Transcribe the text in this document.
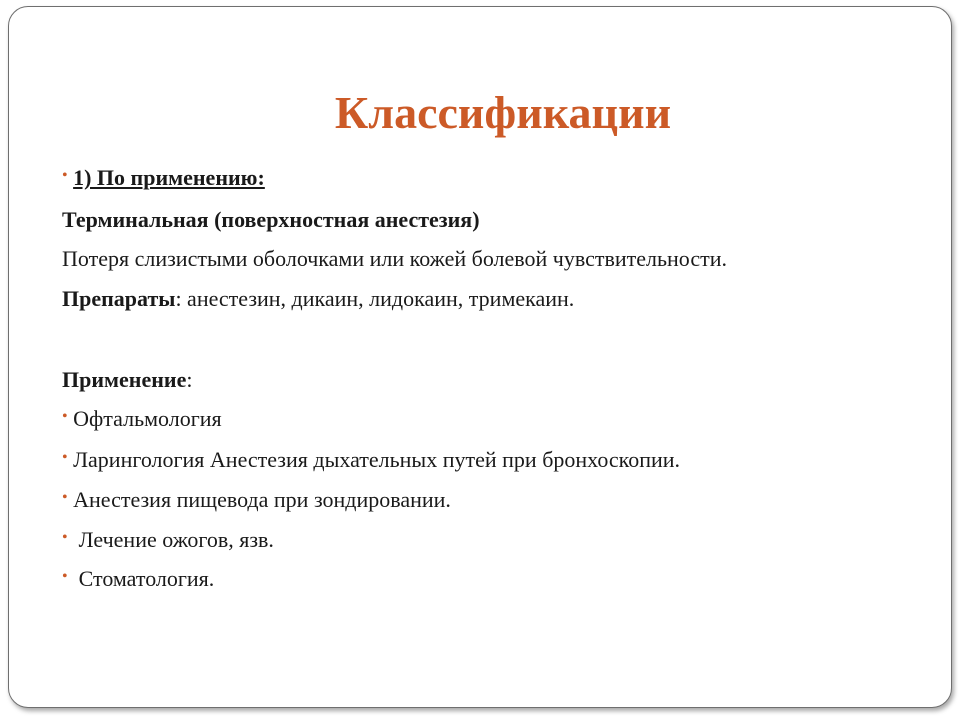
Классификации
• 1) По применению:
Терминальная (поверхностная анестезия)
Потеря слизистыми оболочками или кожей болевой чувствительности.
Препараты: анестезин, дикаин, лидокаин, тримекаин.
Применение:
• Офтальмология
• Ларингология Анестезия дыхательных путей при бронхоскопии.
• Анестезия пищевода при зондировании.
•  Лечение ожогов, язв.
•  Стоматология.
